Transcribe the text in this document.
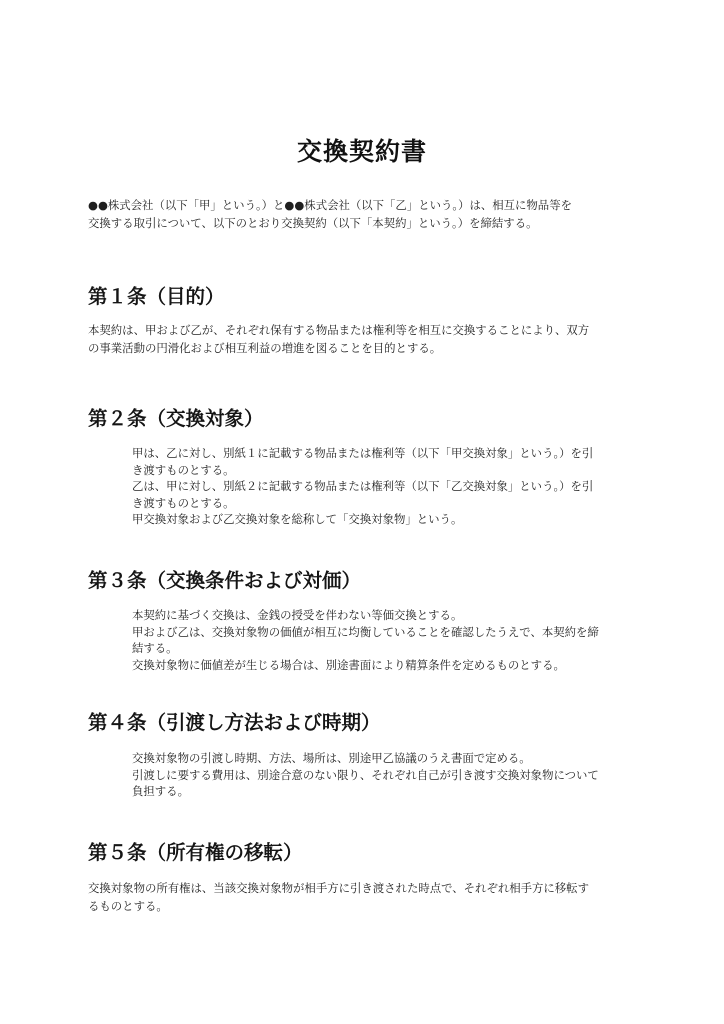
交換契約書

●●株式会社（以下「甲」という。）と●●株式会社（以下「乙」という。）は、相互に物品等を
交換する取引について、以下のとおり交換契約（以下「本契約」という。）を締結する。

第１条（目的）

本契約は、甲および乙が、それぞれ保有する物品または権利等を相互に交換することにより、双方
の事業活動の円滑化および相互利益の増進を図ることを目的とする。

第２条（交換対象）

甲は、乙に対し、別紙１に記載する物品または権利等（以下「甲交換対象」という。）を引
き渡すものとする。
乙は、甲に対し、別紙２に記載する物品または権利等（以下「乙交換対象」という。）を引
き渡すものとする。
甲交換対象および乙交換対象を総称して「交換対象物」という。

第３条（交換条件および対価）

本契約に基づく交換は、金銭の授受を伴わない等価交換とする。
甲および乙は、交換対象物の価値が相互に均衡していることを確認したうえで、本契約を締
結する。
交換対象物に価値差が生じる場合は、別途書面により精算条件を定めるものとする。

第４条（引渡し方法および時期）

交換対象物の引渡し時期、方法、場所は、別途甲乙協議のうえ書面で定める。
引渡しに要する費用は、別途合意のない限り、それぞれ自己が引き渡す交換対象物について
負担する。

第５条（所有権の移転）

交換対象物の所有権は、当該交換対象物が相手方に引き渡された時点で、それぞれ相手方に移転す
るものとする。
